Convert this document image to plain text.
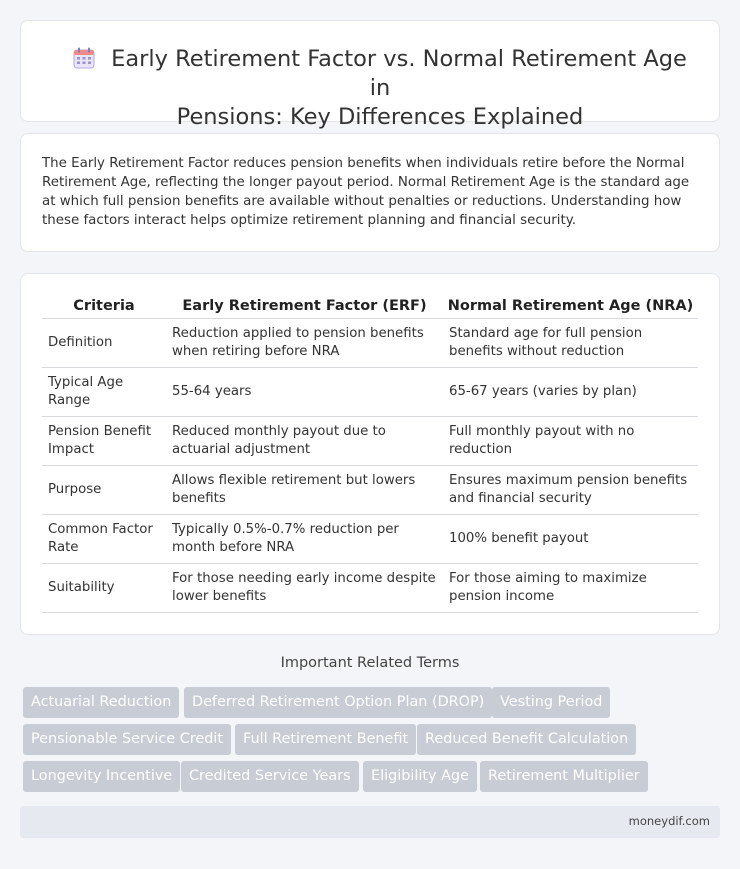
Early Retirement Factor vs. Normal Retirement Age in
Pensions: Key Differences Explained

The Early Retirement Factor reduces pension benefits when individuals retire before the Normal Retirement Age, reflecting the longer payout period. Normal Retirement Age is the standard age at which full pension benefits are available without penalties or reductions. Understanding how these factors interact helps optimize retirement planning and financial security.

Criteria	Early Retirement Factor (ERF)	Normal Retirement Age (NRA)
Definition	Reduction applied to pension benefits when retiring before NRA	Standard age for full pension benefits without reduction
Typical Age Range	55-64 years	65-67 years (varies by plan)
Pension Benefit Impact	Reduced monthly payout due to actuarial adjustment	Full monthly payout with no reduction
Purpose	Allows flexible retirement but lowers benefits	Ensures maximum pension benefits and financial security
Common Factor Rate	Typically 0.5%-0.7% reduction per month before NRA	100% benefit payout
Suitability	For those needing early income despite lower benefits	For those aiming to maximize pension income
Important Related Terms
Actuarial Reduction	Deferred Retirement Option Plan (DROP)	Vesting Period
Pensionable Service Credit	Full Retirement Benefit	Reduced Benefit Calculation
Longevity Incentive	Credited Service Years	Eligibility Age	Retirement Multiplier
moneydif.com
